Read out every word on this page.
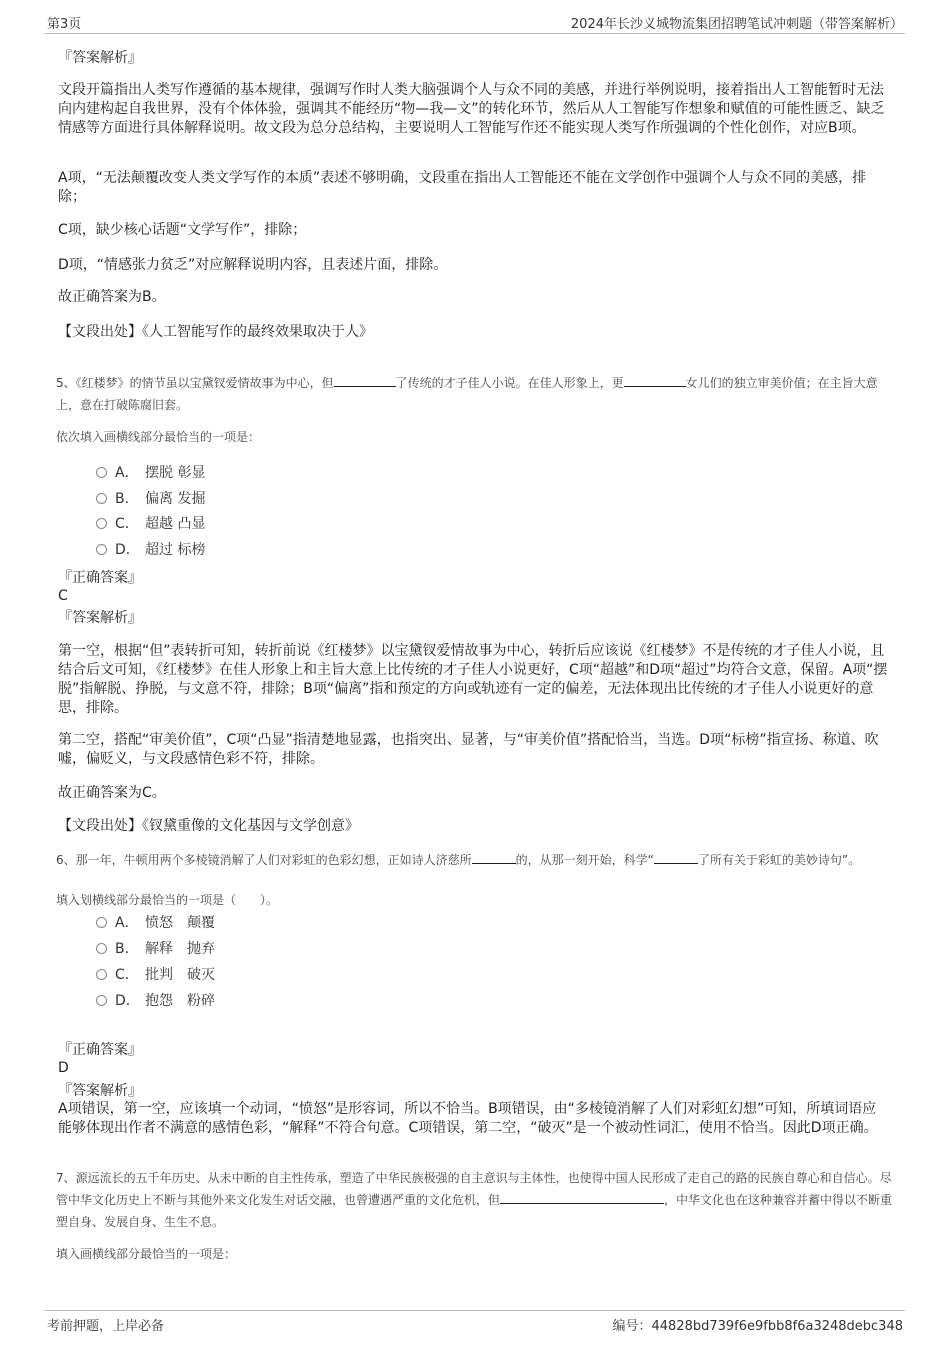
第3页	2024年长沙义城物流集团招聘笔试冲刺题（带答案解析）

『答案解析』

文段开篇指出人类写作遵循的基本规律，强调写作时人类大脑强调个人与众不同的美感，并进行举例说明，接着指出人工智能暂时无法向内建构起自我世界，没有个体体验，强调其不能经历“物—我—文”的转化环节，然后从人工智能写作想象和赋值的可能性匮乏、缺乏情感等方面进行具体解释说明。故文段为总分总结构，主要说明人工智能写作还不能实现人类写作所强调的个性化创作，对应B项。

A项，“无法颠覆改变人类文学写作的本质”表述不够明确，文段重在指出人工智能还不能在文学创作中强调个人与众不同的美感，排除；

C项，缺少核心话题“文学写作”，排除；

D项，“情感张力贫乏”对应解释说明内容，且表述片面，排除。

故正确答案为B。

【文段出处】《人工智能写作的最终效果取决于人》

5、《红楼梦》的情节虽以宝黛钗爱情故事为中心，但	了传统的才子佳人小说。在佳人形象上，更	女儿们的独立审美价值；在主旨大意上，意在打破陈腐旧套。

依次填入画横线部分最恰当的一项是：

A． 摆脱 彰显
B． 偏离 发掘
C． 超越 凸显
D． 超过 标榜

『正确答案』

C

『答案解析』

第一空，根据“但”表转折可知，转折前说《红楼梦》以宝黛钗爱情故事为中心，转折后应该说《红楼梦》不是传统的才子佳人小说，且结合后文可知，《红楼梦》在佳人形象上和主旨大意上比传统的才子佳人小说更好，C项“超越”和D项“超过”均符合文意，保留。A项“摆脱”指解脱、挣脱，与文意不符，排除；B项“偏离”指和预定的方向或轨迹有一定的偏差，无法体现出比传统的才子佳人小说更好的意思，排除。

第二空，搭配“审美价值”，C项“凸显”指清楚地显露，也指突出、显著，与“审美价值”搭配恰当，当选。D项“标榜”指宣扬、称道、吹嘘，偏贬义，与文段感情色彩不符，排除。

故正确答案为C。

【文段出处】《钗黛重像的文化基因与文学创意》

6、那一年，牛顿用两个多棱镜消解了人们对彩虹的色彩幻想，正如诗人济慈所	的，从那一刻开始，科学“	了所有关于彩虹的美妙诗句”。

填入划横线部分最恰当的一项是（　　）。

A． 愤怒　颠覆
B． 解释　抛弃
C． 批判　破灭
D． 抱怨　粉碎

『正确答案』

D

『答案解析』

A项错误，第一空，应该填一个动词，“愤怒”是形容词，所以不恰当。B项错误，由“多棱镜消解了人们对彩虹幻想”可知，所填词语应能够体现出作者不满意的感情色彩，“解释”不符合句意。C项错误，第二空，“破灭”是一个被动性词汇，使用不恰当。因此D项正确。

7、源远流长的五千年历史、从未中断的自主性传承，塑造了中华民族极强的自主意识与主体性，也使得中国人民形成了走自己的路的民族自尊心和自信心。尽管中华文化历史上不断与其他外来文化发生对话交融，也曾遭遇严重的文化危机，但	，中华文化也在这种兼容并蓄中得以不断重塑自身、发展自身、生生不息。

填入画横线部分最恰当的一项是：

考前押题，上岸必备	编号：44828bd739f6e9fbb8f6a3248debc348
